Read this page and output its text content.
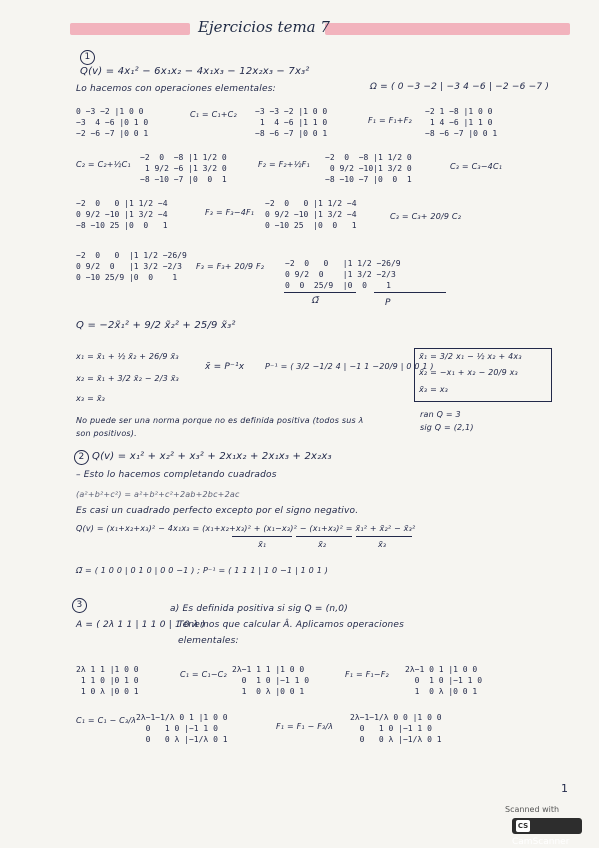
Ejercicios tema 7
1
Q(v) = 4x₁² − 6x₁x₂ − 4x₁x₃ − 12x₂x₃ − 7x₃²
Lo hacemos con operaciones elementales:	Ω = ( 0 −3 −2 | −3 4 −6 | −2 −6 −7 )
0 −3 −2 |1 0 0
−3  4 −6 |0 1 0
−2 −6 −7 |0 0 1
C₁ = C₁+C₂ −3 −3 −2 |1 0 0
1  4 −6 |1 1 0
−8 −6 −7 |0 0 1
F₁ = F₁+F₂
−2 1 −8 |1 0 0
1 4 −6 |1 1 0
−8 −6 −7 |0 0 1
C₂ = C₂+½C₁
−2  0  −8 |1 1/2 0
1 9/2 −6 |1 3/2 0
−8 −10 −7 |0  0  1
F₂ = F₂+½F₁
−2  0  −8 |1 1/2 0
0 9/2 −10|1 3/2 0
−8 −10 −7 |0  0  1
C₃ = C₃−4C₁
−2  0   0 |1 1/2 −4
0 9/2 −10 |1 3/2 −4
−8 −10 25 |0  0   1
F₃ = F₃−4F₁
−2  0   0 |1 1/2 −4
0 9/2 −10 |1 3/2 −4
0 −10 25  |0  0   1
C₃ = C₃+ 20/9 C₂
−2  0   0  |1 1/2 −26/9
0 9/2  0   |1 3/2 −2/3
0 −10 25/9 |0  0    1
F₃ = F₃+ 20/9 F₂	−2  0   0   |1 1/2 −26/9
0 9/2  0    |1 3/2 −2/3
0  0  25/9  |0  0    1
Ω̃	P
Q = −2x̃₁² + 9/2 x̃₂² + 25/9 x̃₃²
x₁ = x̃₁ + ½ x̃₂ + 26/9 x̃₃
x₂ = x̃₁ + 3/2 x̃₂ − 2/3 x̃₃
x₃ = x̃₃
x̃ = P⁻¹x	P⁻¹ = ( 3/2 −1/2 4 | −1 1 −20/9 | 0 0 1 )
x̃₁ = 3/2 x₁ − ½ x₂ + 4x₃
x̃₂ = −x₁ + x₂ − 20/9 x₃
x̃₃ = x₃
No puede ser una norma porque no es definida positiva (todos sus λ son positivos).
ran Q = 3
sig Q = (2,1)
2 Q(v) = x₁² + x₂² + x₃² + 2x₁x₂ + 2x₁x₃ + 2x₂x₃
– Esto lo hacemos completando cuadrados
(a²+b²+c²) = a²+b²+c²+2ab+2bc+2ac
Es casi un cuadrado perfecto excepto por el signo negativo.
Q(v) = (x₁+x₂+x₃)² − 4x₁x₃ = (x₁+x₂+x₃)² + (x₁−x₃)² − (x₁+x₃)² = x̃₁² + x̃₂² − x̃₃²
x̃₁	x̃₂	x̃₃
Ω̃ = ( 1 0 0 | 0 1 0 | 0 0 −1 ) ; P⁻¹ = ( 1 1 1 | 1 0 −1 | 1 0 1 )
3
A = ( 2λ 1 1 | 1 1 0 | 1 0 λ )
a) Es definida positiva si sig Q = (n,0)
Tenemos que calcular Â. Aplicamos operaciones
elementales:
2λ 1 1 |1 0 0
1 1 0 |0 1 0
1 0 λ |0 0 1
C₁ = C₁−C₂
2λ−1 1 1 |1 0 0
0  1 0 |−1 1 0
1  0 λ |0 0 1
F₁ = F₁−F₂
2λ−1 0 1 |1 0 0
0  1 0 |−1 1 0
1  0 λ |0 0 1
C₁ = C₁ − C₃/λ 2λ−1−1/λ 0 1 |1 0 0
0   1 0 |−1 1 0
0   0 λ |−1/λ 0 1
F₁ = F₁ − F₃/λ
2λ−1−1/λ 0 0 |1 0 0
0   1 0 |−1 1 0
0   0 λ |−1/λ 0 1
1
Scanned with
CSCamScanner
